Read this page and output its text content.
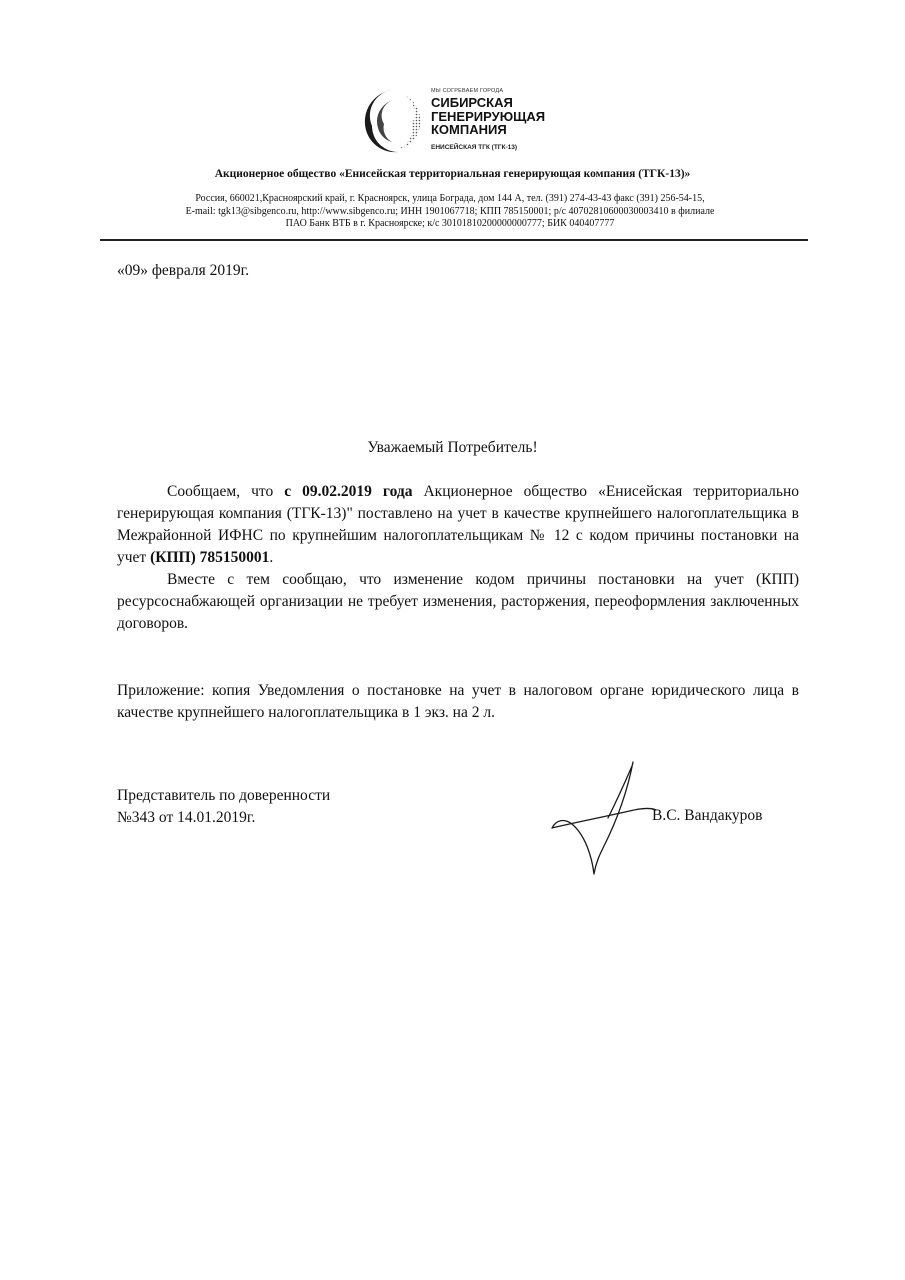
МЫ СОГРЕВАЕМ ГОРОДА
СИБИРСКАЯ
ГЕНЕРИРУЮЩАЯ
КОМПАНИЯ
ЕНИСЕЙСКАЯ ТГК (ТГК-13)
Акционерное общество «Енисейская территориальная генерирующая компания (ТГК-13)»
Россия, 660021,Красноярский край, г. Красноярск, улица Бограда, дом 144 А, тел. (391) 274-43-43 факс (391) 256-54-15,
E-mail: tgk13@sibgenco.ru, http://www.sibgenco.ru; ИНН 1901067718; КПП 785150001; р/с 40702810600030003410 в филиале
ПАО Банк ВТБ в г. Красноярске; к/с 30101810200000000777; БИК 040407777
«09» февраля 2019г.
Уважаемый Потребитель!
Сообщаем, что с 09.02.2019 года Акционерное общество «Енисейская территориально генерирующая компания (ТГК-13)" поставлено на учет в качестве крупнейшего налогоплательщика в Межрайонной ИФНС по крупнейшим налогоплательщикам № 12 с кодом причины постановки на учет (КПП) 785150001.
Вместе с тем сообщаю, что изменение кодом причины постановки на учет (КПП) ресурсоснабжающей организации не требует изменения, расторжения, переоформления заключенных договоров.
Приложение: копия Уведомления о постановке на учет в налоговом органе юридического лица в качестве крупнейшего налогоплательщика в 1 экз. на 2 л.
Представитель по доверенности
№343 от 14.01.2019г.	В.С. Вандакуров
